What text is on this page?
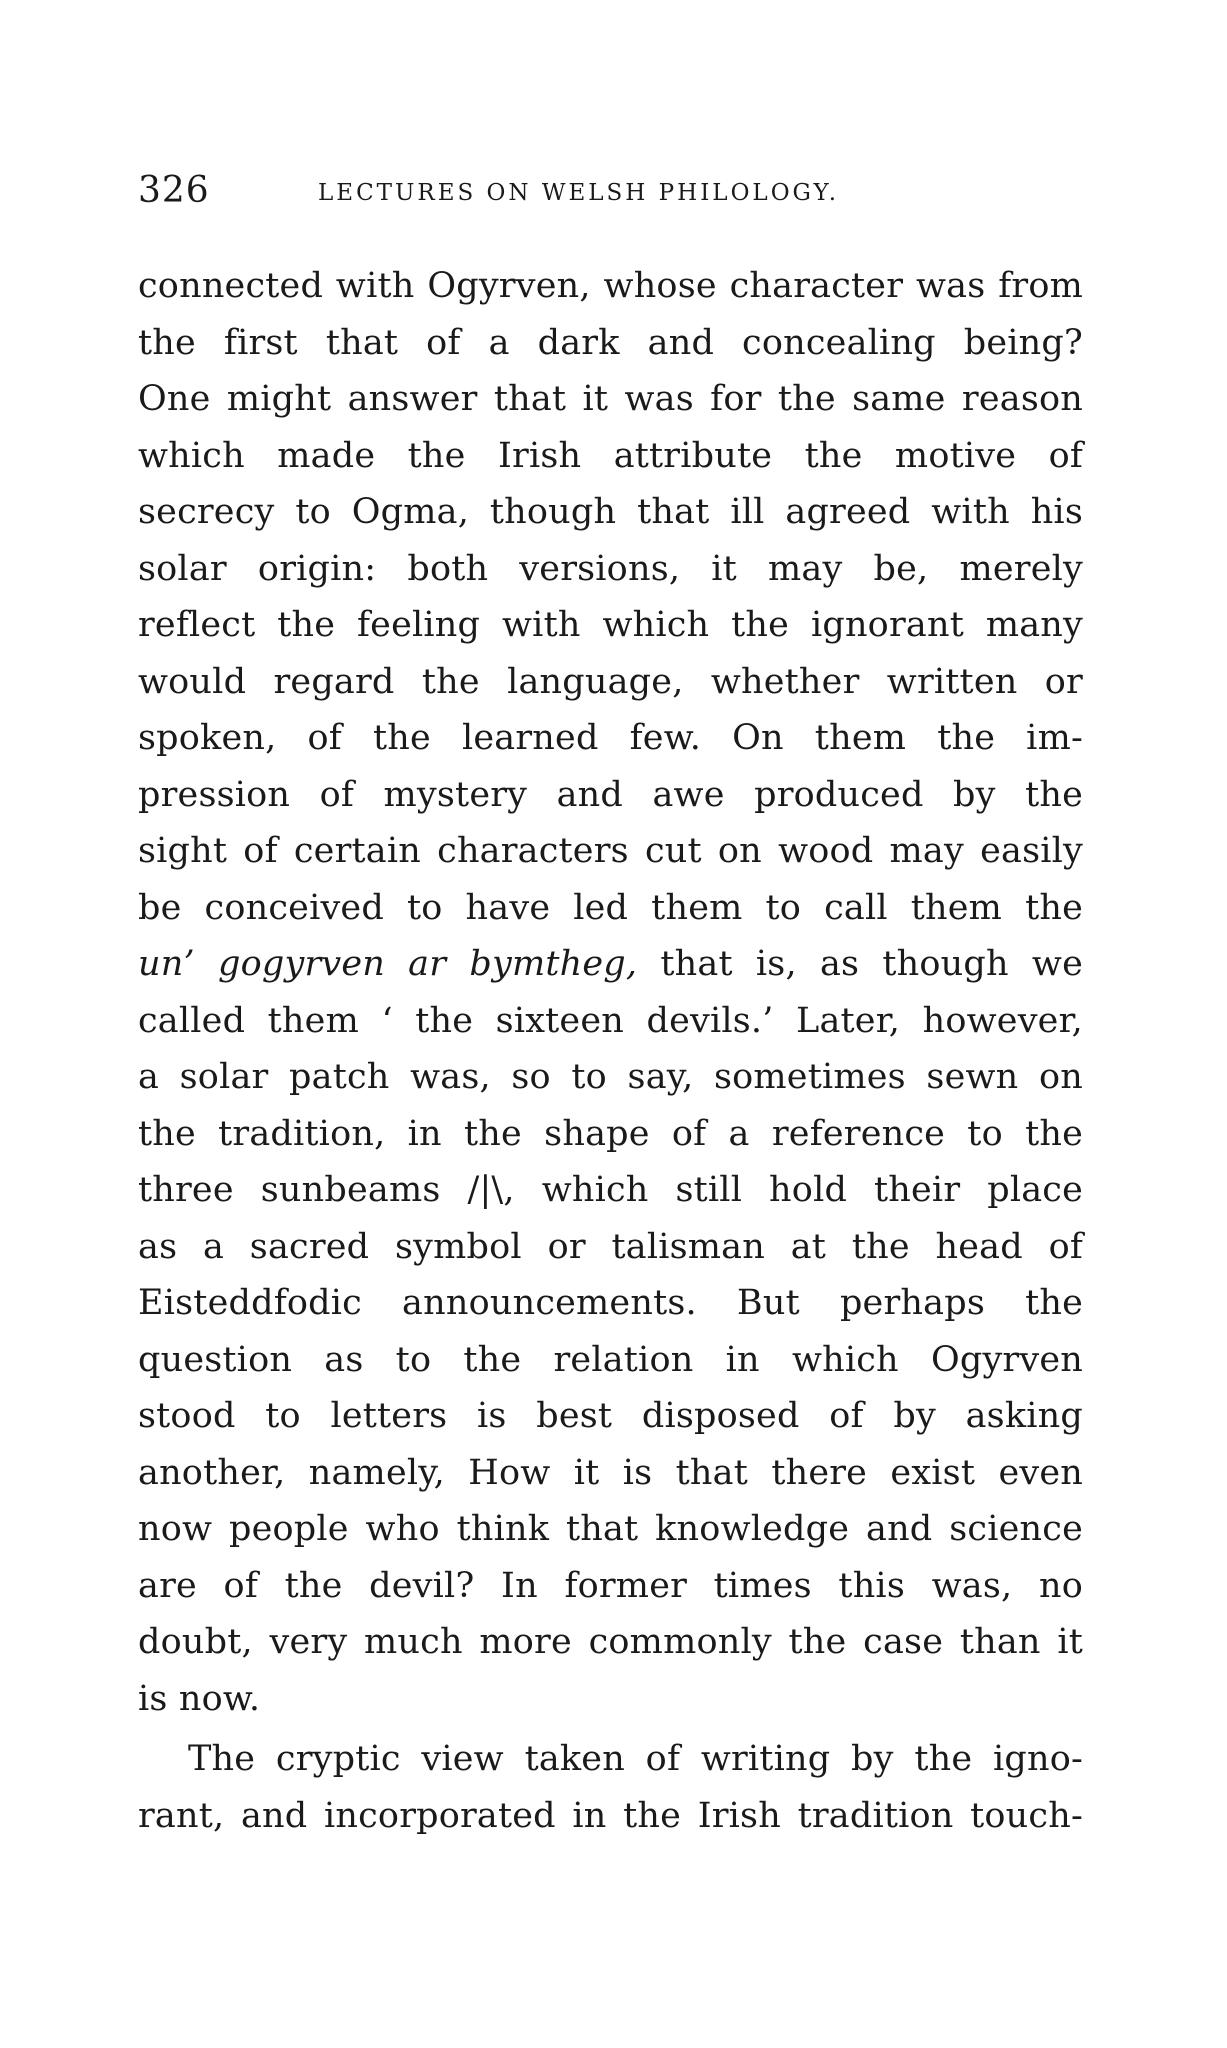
326	LECTURES ON WELSH PHILOLOGY.
connected with Ogyrven, whose character was from
the first that of a dark and concealing being?
One might answer that it was for the same reason
which made the Irish attribute the motive of
secrecy to Ogma, though that ill agreed with his
solar origin: both versions, it may be, merely
reflect the feeling with which the ignorant many
would regard the language, whether written or
spoken, of the learned few. On them the im-
pression of mystery and awe produced by the
sight of certain characters cut on wood may easily
be conceived to have led them to call them the
un’ gogyrven ar bymtheg, that is, as though we
called them ‘ the sixteen devils.’ Later, however,
a solar patch was, so to say, sometimes sewn on
the tradition, in the shape of a reference to the
three sunbeams /|\, which still hold their place
as a sacred symbol or talisman at the head of
Eisteddfodic announcements. But perhaps the
question as to the relation in which Ogyrven
stood to letters is best disposed of by asking
another, namely, How it is that there exist even
now people who think that knowledge and science
are of the devil? In former times this was, no
doubt, very much more commonly the case than it
is now.
The cryptic view taken of writing by the igno-
rant, and incorporated in the Irish tradition touch-
